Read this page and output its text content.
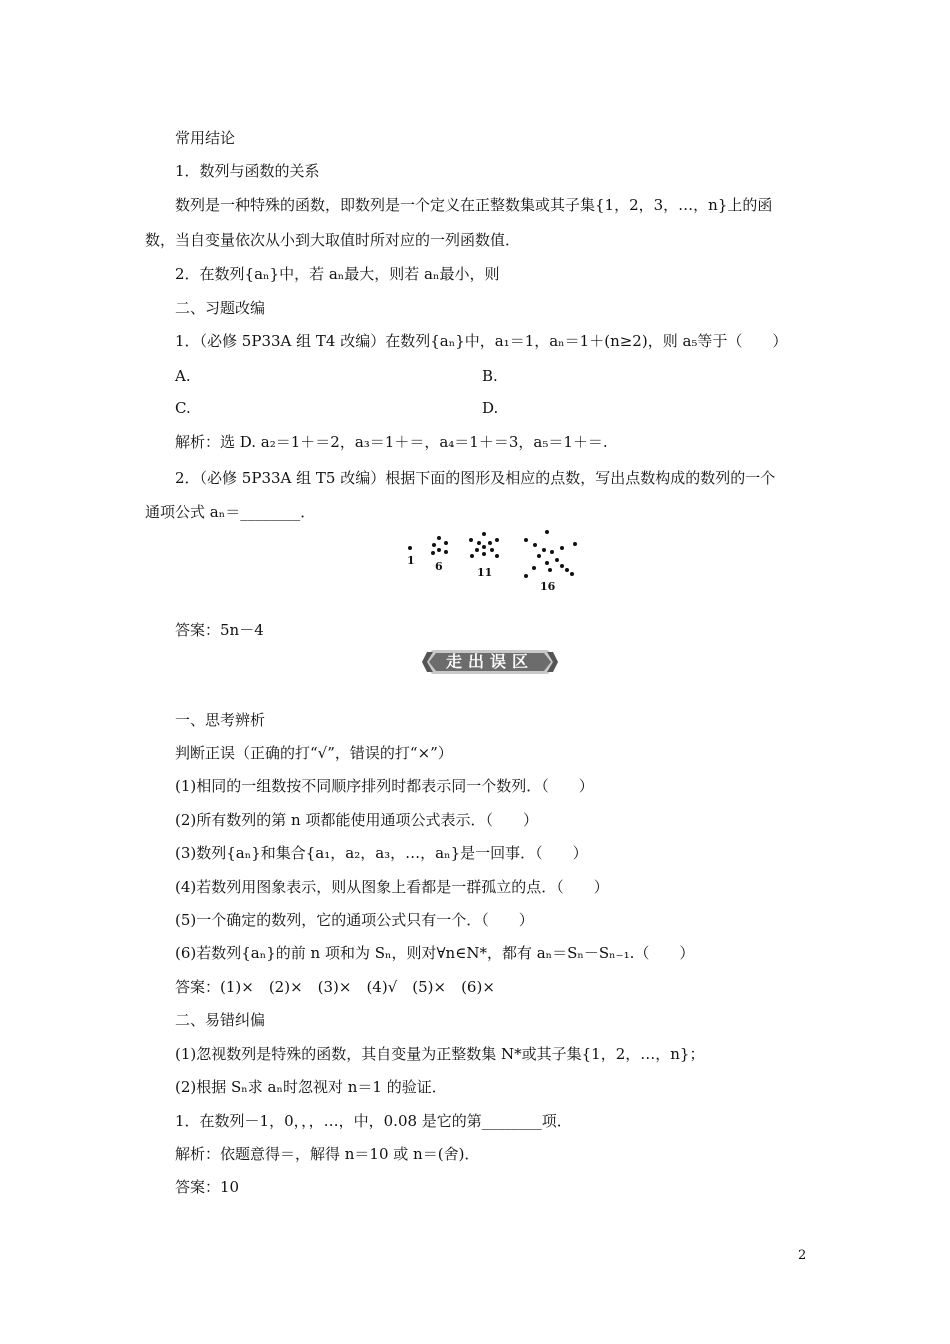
常用结论
1．数列与函数的关系
数列是一种特殊的函数，即数列是一个定义在正整数集或其子集{1，2，3，…，n}上的函
数，当自变量依次从小到大取值时所对应的一列函数值．
2．在数列{aₙ}中，若 aₙ最大，则若 aₙ最小，则
二、习题改编
1．（必修 5P33A 组 T4 改编）在数列{aₙ}中，a₁＝1，aₙ＝1＋(n≥2)，则 a₅等于（　　）
A.	B.
C.	D.
解析：选 D. a₂＝1＋＝2，a₃＝1＋＝，a₄＝1＋＝3，a₅＝1＋＝.
2．（必修 5P33A 组 T5 改编）根据下面的图形及相应的点数，写出点数构成的数列的一个
通项公式 aₙ＝________．
1 6	11
16
答案：5n－4
走出误区
一、思考辨析
判断正误（正确的打“√”，错误的打“×”）
(1)相同的一组数按不同顺序排列时都表示同一个数列．（　　）
(2)所有数列的第 n 项都能使用通项公式表示．（　　）
(3)数列{aₙ}和集合{a₁，a₂，a₃，…，aₙ}是一回事．（　　）
(4)若数列用图象表示，则从图象上看都是一群孤立的点．（　　）
(5)一个确定的数列，它的通项公式只有一个．（　　）
(6)若数列{aₙ}的前 n 项和为 Sₙ，则对∀n∈N*，都有 aₙ＝Sₙ－Sₙ₋₁.（　　）
答案：(1)×　(2)×　(3)×　(4)√　(5)×　(6)×
二、易错纠偏
(1)忽视数列是特殊的函数，其自变量为正整数集 N*或其子集{1，2，…，n}；
(2)根据 Sₙ求 aₙ时忽视对 n＝1 的验证．
1．在数列－1，0，，，…，中，0.08 是它的第________项．
解析：依题意得＝，解得 n＝10 或 n＝(舍)．
答案：10
2
